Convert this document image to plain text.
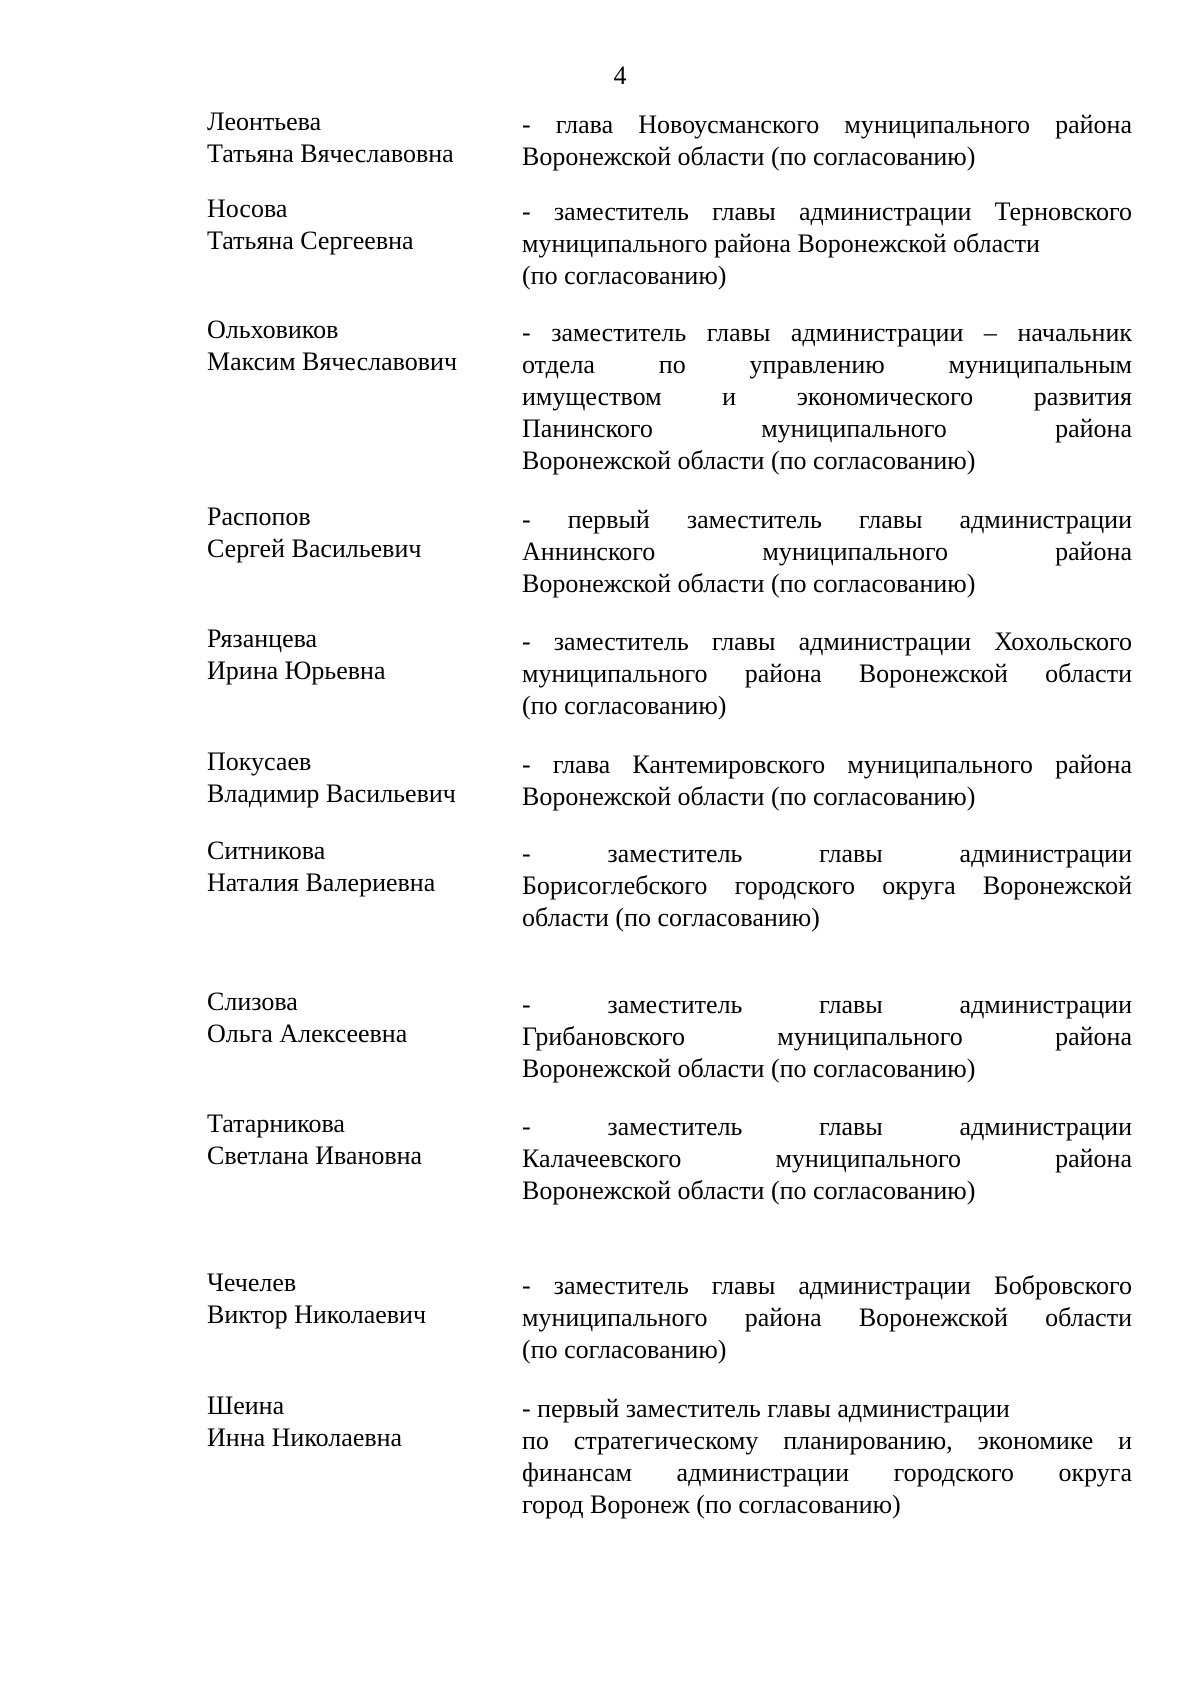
4
Леонтьева
Татьяна Вячеславовна
- глава Новоусманского муниципального района
Воронежской области (по согласованию)
Носова
Татьяна Сергеевна
- заместитель главы администрации Терновского
муниципального района Воронежской области
(по согласованию)
Ольховиков
Максим Вячеславович
- заместитель главы администрации – начальник
отдела по управлению муниципальным
имуществом и экономического развития
Панинского муниципального района
Воронежской области (по согласованию)
Распопов
Сергей Васильевич
- первый заместитель главы администрации
Аннинского муниципального района
Воронежской области (по согласованию)
Рязанцева
Ирина Юрьевна
- заместитель главы администрации Хохольского
муниципального района Воронежской области
(по согласованию)
Покусаев
Владимир Васильевич
- глава Кантемировского муниципального района
Воронежской области (по согласованию)
Ситникова
Наталия Валериевна
- заместитель главы администрации
Борисоглебского городского округа Воронежской
области (по согласованию)
Слизова
Ольга Алексеевна
- заместитель главы администрации
Грибановского муниципального района
Воронежской области (по согласованию)
Татарникова
Светлана Ивановна
- заместитель главы администрации
Калачеевского муниципального района
Воронежской области (по согласованию)
Чечелев
Виктор Николаевич
- заместитель главы администрации Бобровского
муниципального района Воронежской области
(по согласованию)
Шеина
Инна Николаевна
- первый заместитель главы администрации
по стратегическому планированию, экономике и
финансам администрации городского округа
город Воронеж (по согласованию)
